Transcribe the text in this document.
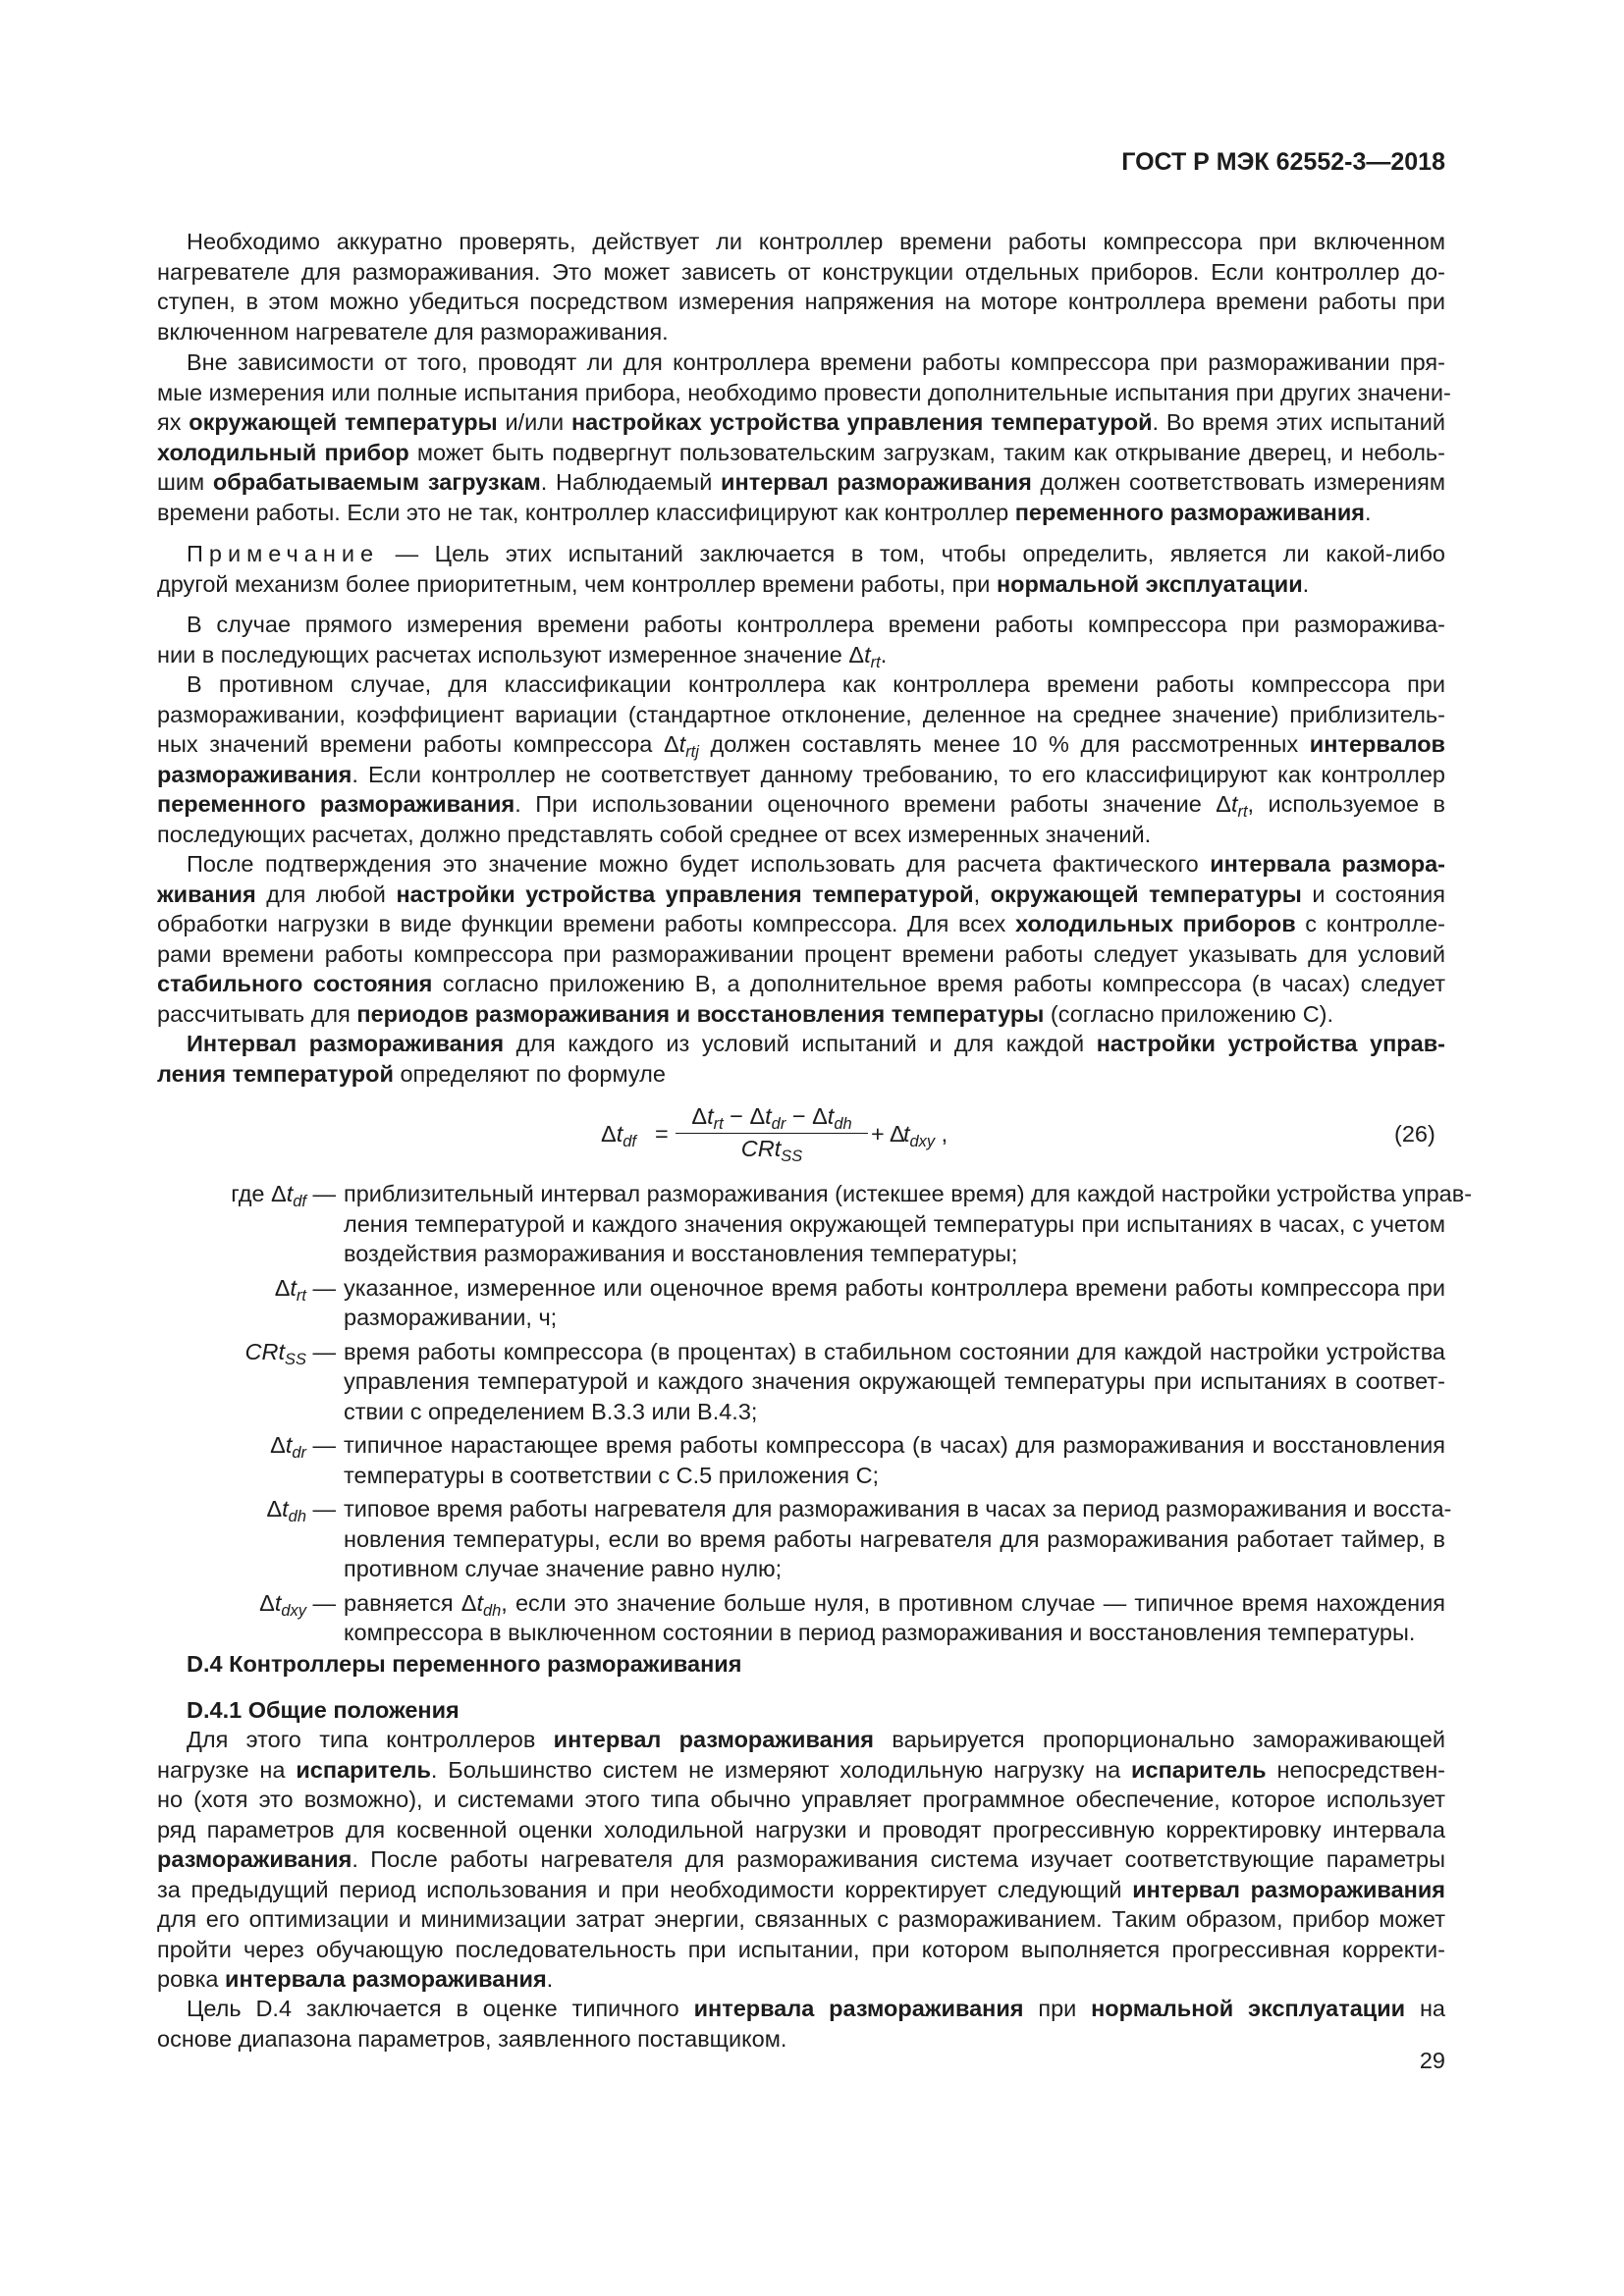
ГОСТ Р МЭК 62552-3—2018
Необходимо аккуратно проверять, действует ли контроллер времени работы компрессора при включенном
нагревателе для размораживания. Это может зависеть от конструкции отдельных приборов. Если контроллер до-
ступен, в этом можно убедиться посредством измерения напряжения на моторе контроллера времени работы при
включенном нагревателе для размораживания.
Вне зависимости от того, проводят ли для контроллера времени работы компрессора при размораживании пря-
мые измерения или полные испытания прибора, необходимо провести дополнительные испытания при других значени-
ях окружающей температуры и/или настройках устройства управления температурой. Во время этих испытаний
холодильный прибор может быть подвергнут пользовательским загрузкам, таким как открывание дверец, и неболь-
шим обрабатываемым загрузкам. Наблюдаемый интервал размораживания должен соответствовать измерениям
времени работы. Если это не так, контроллер классифицируют как контроллер переменного размораживания.
Примечание — Цель этих испытаний заключается в том, чтобы определить, является ли какой-либо
другой механизм более приоритетным, чем контроллер времени работы, при нормальной эксплуатации.
В случае прямого измерения времени работы контроллера времени работы компрессора при разморажива-
нии в последующих расчетах используют измеренное значение $\Delta t_{rt}$.
В противном случае, для классификации контроллера как контроллера времени работы компрессора при
размораживании, коэффициент вариации (стандартное отклонение, деленное на среднее значение) приблизитель-
ных значений времени работы компрессора $\Delta t_{rtj}$ должен составлять менее 10 % для рассмотренных интервалов
размораживания. Если контроллер не соответствует данному требованию, то его классифицируют как контроллер
переменного размораживания. При использовании оценочного времени работы значение $\Delta t_{rt}$, используемое в
последующих расчетах, должно представлять собой среднее от всех измеренных значений.
После подтверждения это значение можно будет использовать для расчета фактического интервала размора-
живания для любой настройки устройства управления температурой, окружающей температуры и состояния
обработки нагрузки в виде функции времени работы компрессора. Для всех холодильных приборов с контролле-
рами времени работы компрессора при размораживании процент времени работы следует указывать для условий
стабильного состояния согласно приложению В, а дополнительное время работы компрессора (в часах) следует
рассчитывать для периодов размораживания и восстановления температуры (согласно приложению С).
Интервал размораживания для каждого из условий испытаний и для каждой настройки устройства управ-
ления температурой определяют по формуле
$\Delta t_{df}$ =
$\Delta t_{rt} - \Delta t_{dr} - \Delta t_{dh}$
CRt$_{SS}$
+ Δ
$t_{dxy}$ ,	(26)
где $\Delta t_{df}$ — приблизительный интервал размораживания (истекшее время) для каждой настройки устройства управ-
ления температурой и каждого значения окружающей температуры при испытаниях в часах, с учетом
воздействия размораживания и восстановления температуры;
$\Delta t_{rt}$ — указанное, измеренное или оценочное время работы контроллера времени работы компрессора при
размораживании, ч;
CRt$_{SS}$ — время работы компрессора (в процентах) в стабильном состоянии для каждой настройки устройства
управления температурой и каждого значения окружающей температуры при испытаниях в соответ-
ствии с определением В.3.3 или В.4.3;
$\Delta t_{dr}$ — типичное нарастающее время работы компрессора (в часах) для размораживания и восстановления
температуры в соответствии с С.5 приложения С;
$\Delta t_{dh}$ — типовое время работы нагревателя для размораживания в часах за период размораживания и восста-
новления температуры, если во время работы нагревателя для размораживания работает таймер, в
противном случае значение равно нулю;
$\Delta t_{dxy}$ — равняется $\Delta t_{dh}$, если это значение больше нуля, в противном случае — типичное время нахождения
компрессора в выключенном состоянии в период размораживания и восстановления температуры.
D.4 Контроллеры переменного размораживания
D.4.1 Общие положения
Для этого типа контроллеров интервал размораживания варьируется пропорционально замораживающей
нагрузке на испаритель. Большинство систем не измеряют холодильную нагрузку на испаритель непосредствен-
но (хотя это возможно), и системами этого типа обычно управляет программное обеспечение, которое использует
ряд параметров для косвенной оценки холодильной нагрузки и проводят прогрессивную корректировку интервала
размораживания. После работы нагревателя для размораживания система изучает соответствующие параметры
за предыдущий период использования и при необходимости корректирует следующий интервал размораживания
для его оптимизации и минимизации затрат энергии, связанных с размораживанием. Таким образом, прибор может
пройти через обучающую последовательность при испытании, при котором выполняется прогрессивная корректи-
ровка интервала размораживания.
Цель D.4 заключается в оценке типичного интервала размораживания при нормальной эксплуатации на
основе диапазона параметров, заявленного поставщиком.
29
